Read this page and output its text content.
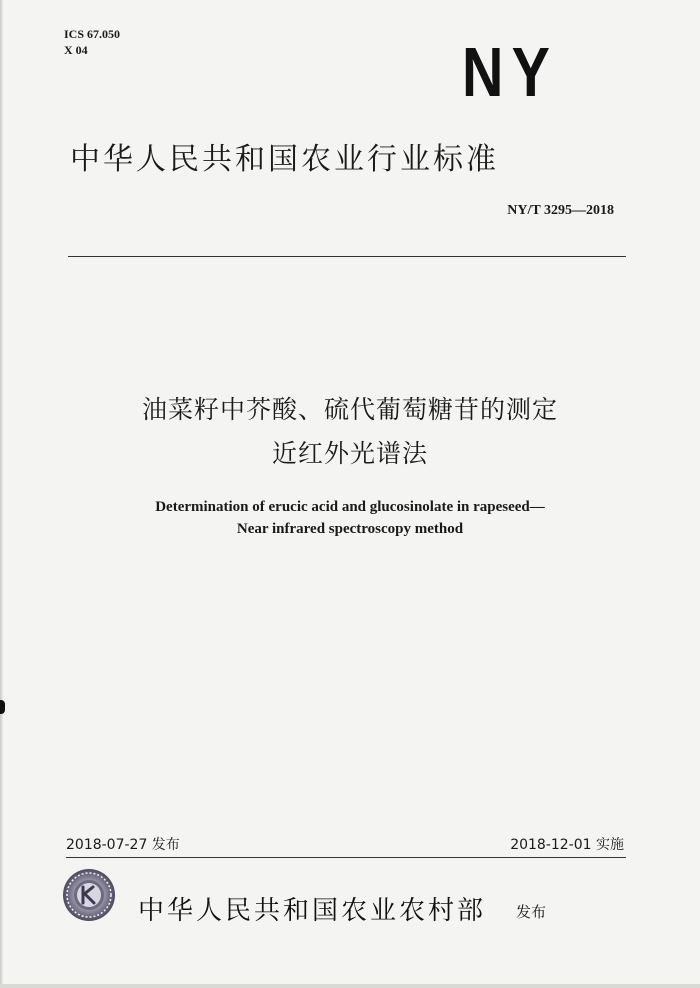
ICS 67.050
X 04	NY
中华人民共和国农业行业标准
NY/T 3295—2018
油菜籽中芥酸、硫代葡萄糖苷的测定
近红外光谱法
Determination of erucic acid and glucosinolate in rapeseed—
Near infrared spectroscopy method
2018-07-27 发布	2018-12-01 实施
中华人民共和国农业农村部 发布
